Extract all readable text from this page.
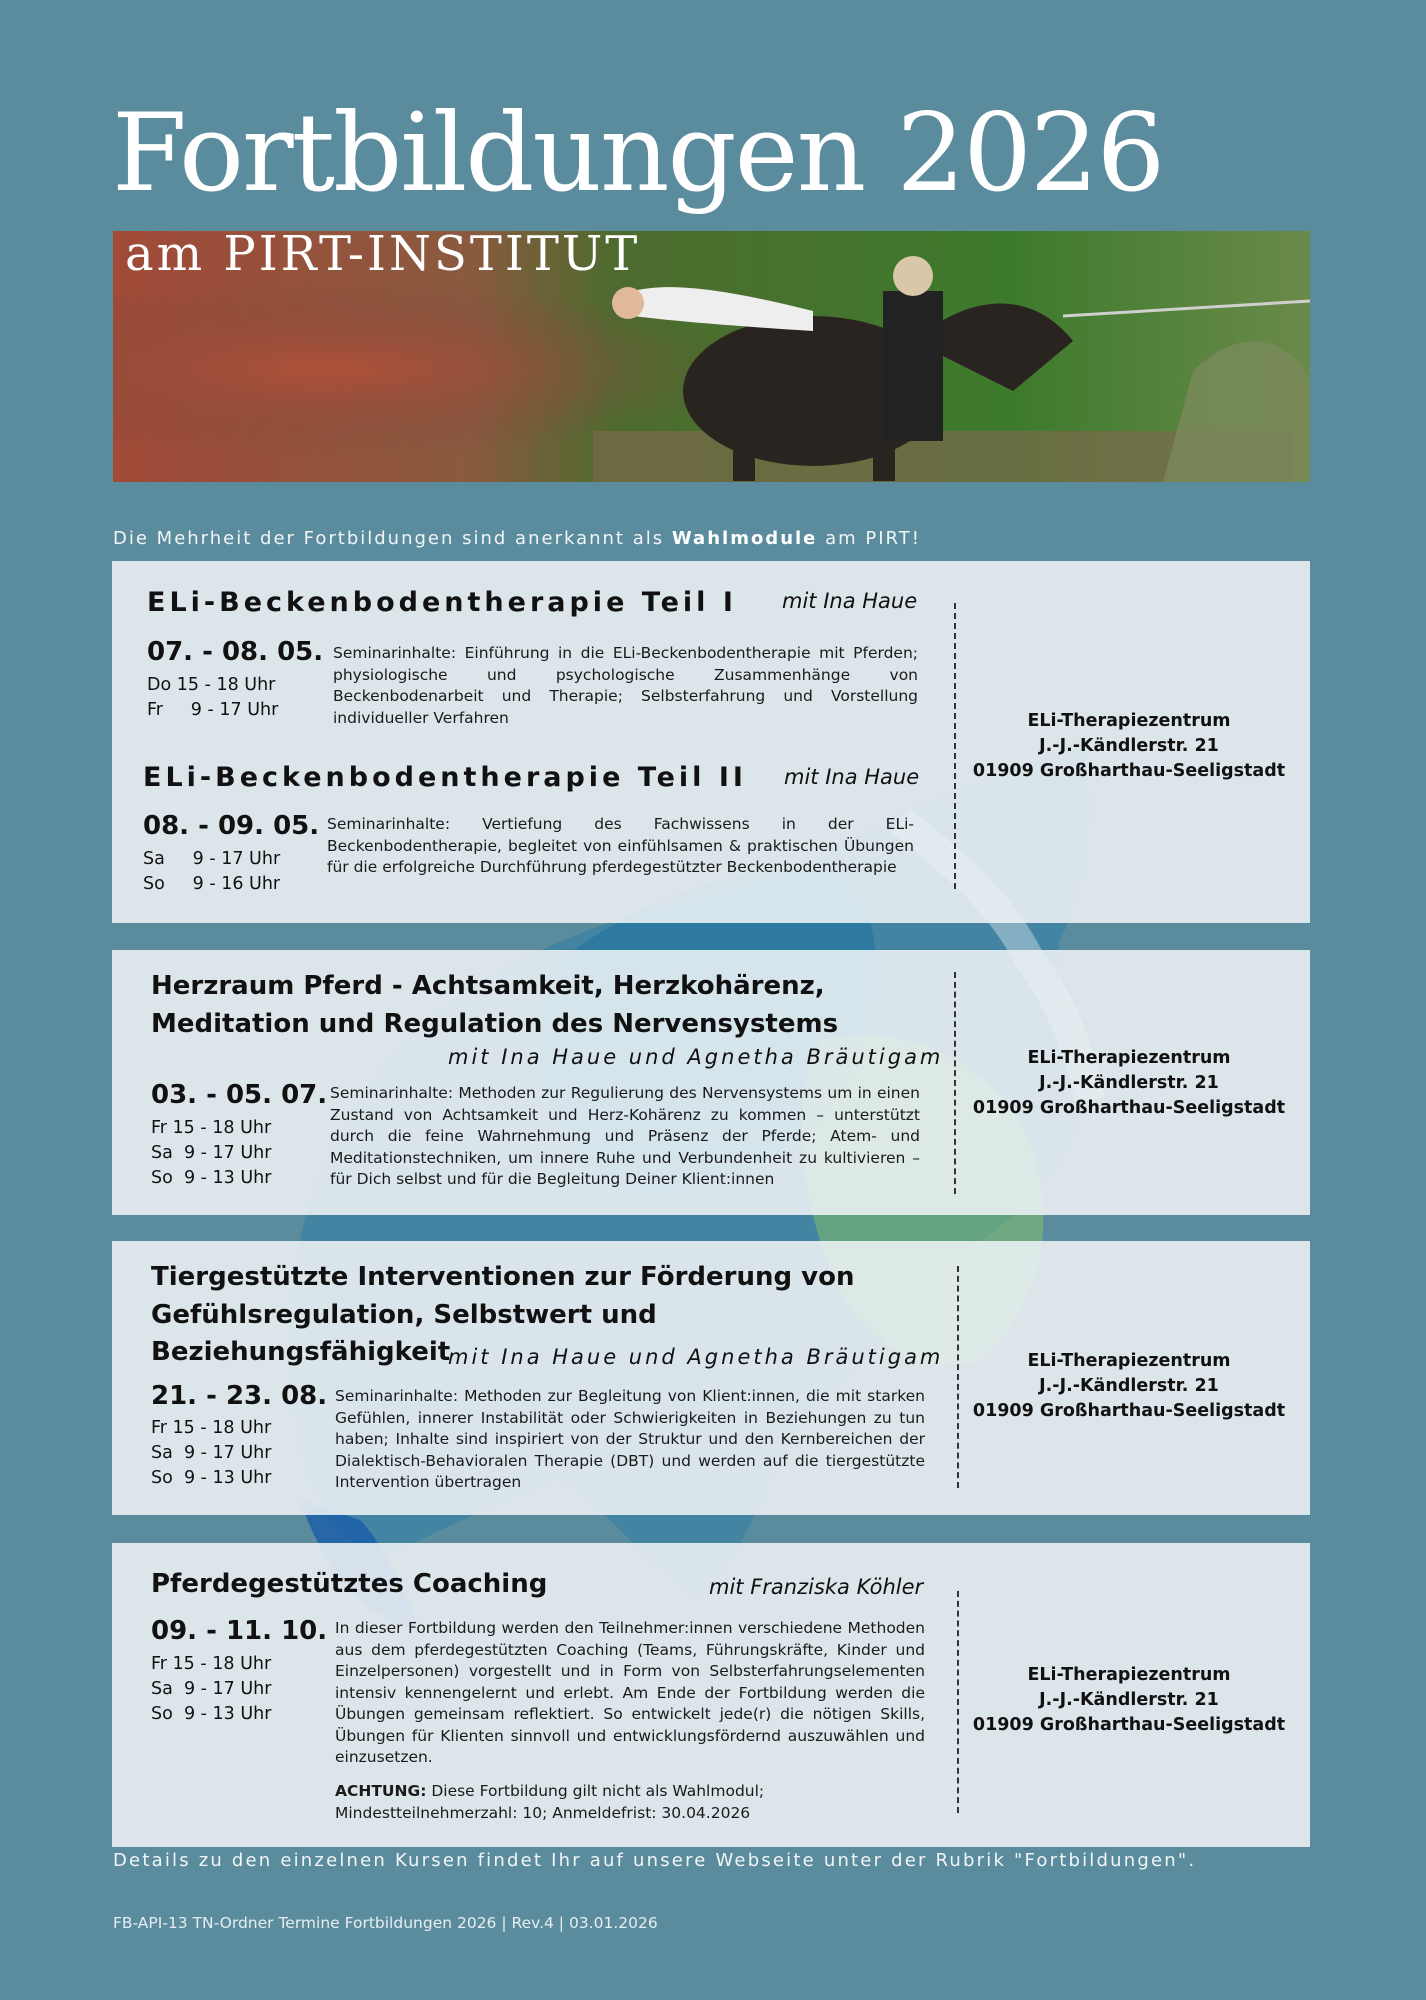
Fortbildungen 2026
am PIRT-INSTITUT
Die Mehrheit der Fortbildungen sind anerkannt als Wahlmodule am PIRT!
ELi-Beckenbodentherapie Teil I mit Ina Haue
07. - 08. 05.
Do 15 - 18 Uhr
Fr     9 - 17 Uhr

Seminarinhalte: Einführung in die ELi-Beckenbodentherapie mit Pferden; physiologische und psychologische Zusammenhänge von Beckenbodenarbeit und Therapie; Selbsterfahrung und Vorstellung individueller Verfahren

ELi-Beckenbodentherapie Teil II mit Ina Haue
08. - 09. 05.
Sa     9 - 17 Uhr
So     9 - 16 Uhr

Seminarinhalte: Vertiefung des Fachwissens in der ELi-Beckenbodentherapie, begleitet von einfühlsamen & praktischen Übungen für die erfolgreiche Durchführung pferdegestützter Beckenbodentherapie

ELi-Therapiezentrum
J.-J.-Kändlerstr. 21
01909 Großharthau-Seeligstadt
Herzraum Pferd - Achtsamkeit, Herzkohärenz, Meditation und Regulation des Nervensystems
mit Ina Haue und Agnetha Bräutigam
03. - 05. 07.
Fr 15 - 18 Uhr
Sa  9 - 17 Uhr
So  9 - 13 Uhr

Seminarinhalte: Methoden zur Regulierung des Nervensystems um in einen Zustand von Achtsamkeit und Herz-Kohärenz zu kommen – unterstützt durch die feine Wahrnehmung und Präsenz der Pferde; Atem- und Meditationstechniken, um innere Ruhe und Verbundenheit zu kultivieren – für Dich selbst und für die Begleitung Deiner Klient:innen

ELi-Therapiezentrum
J.-J.-Kändlerstr. 21
01909 Großharthau-Seeligstadt
Tiergestützte Interventionen zur Förderung von Gefühlsregulation, Selbstwert und Beziehungsfähigkeit
mit Ina Haue und Agnetha Bräutigam
21. - 23. 08.
Fr 15 - 18 Uhr
Sa  9 - 17 Uhr
So  9 - 13 Uhr

Seminarinhalte: Methoden zur Begleitung von Klient:innen, die mit starken Gefühlen, innerer Instabilität oder Schwierigkeiten in Beziehungen zu tun haben; Inhalte sind inspiriert von der Struktur und den Kernbereichen der Dialektisch-Behavioralen Therapie (DBT) und werden auf die tiergestützte Intervention übertragen

ELi-Therapiezentrum
J.-J.-Kändlerstr. 21
01909 Großharthau-Seeligstadt
Pferdegestütztes Coaching	mit Franziska Köhler
09. - 11. 10.
Fr 15 - 18 Uhr
Sa  9 - 17 Uhr
So  9 - 13 Uhr

In dieser Fortbildung werden den Teilnehmer:innen verschiedene Methoden aus dem pferdegestützten Coaching (Teams, Führungskräfte, Kinder und Einzelpersonen) vorgestellt und in Form von Selbsterfahrungselementen intensiv kennengelernt und erlebt. Am Ende der Fortbildung werden die Übungen gemeinsam reflektiert. So entwickelt jede(r) die nötigen Skills, Übungen für Klienten sinnvoll und entwicklungsfördernd auszuwählen und einzusetzen.

ACHTUNG: Diese Fortbildung gilt nicht als Wahlmodul;
Mindestteilnehmerzahl: 10; Anmeldefrist: 30.04.2026

ELi-Therapiezentrum
J.-J.-Kändlerstr. 21
01909 Großharthau-Seeligstadt
Details zu den einzelnen Kursen findet Ihr auf unsere Webseite unter der Rubrik "Fortbildungen".
FB-API-13 TN-Ordner Termine Fortbildungen 2026 | Rev.4 | 03.01.2026
